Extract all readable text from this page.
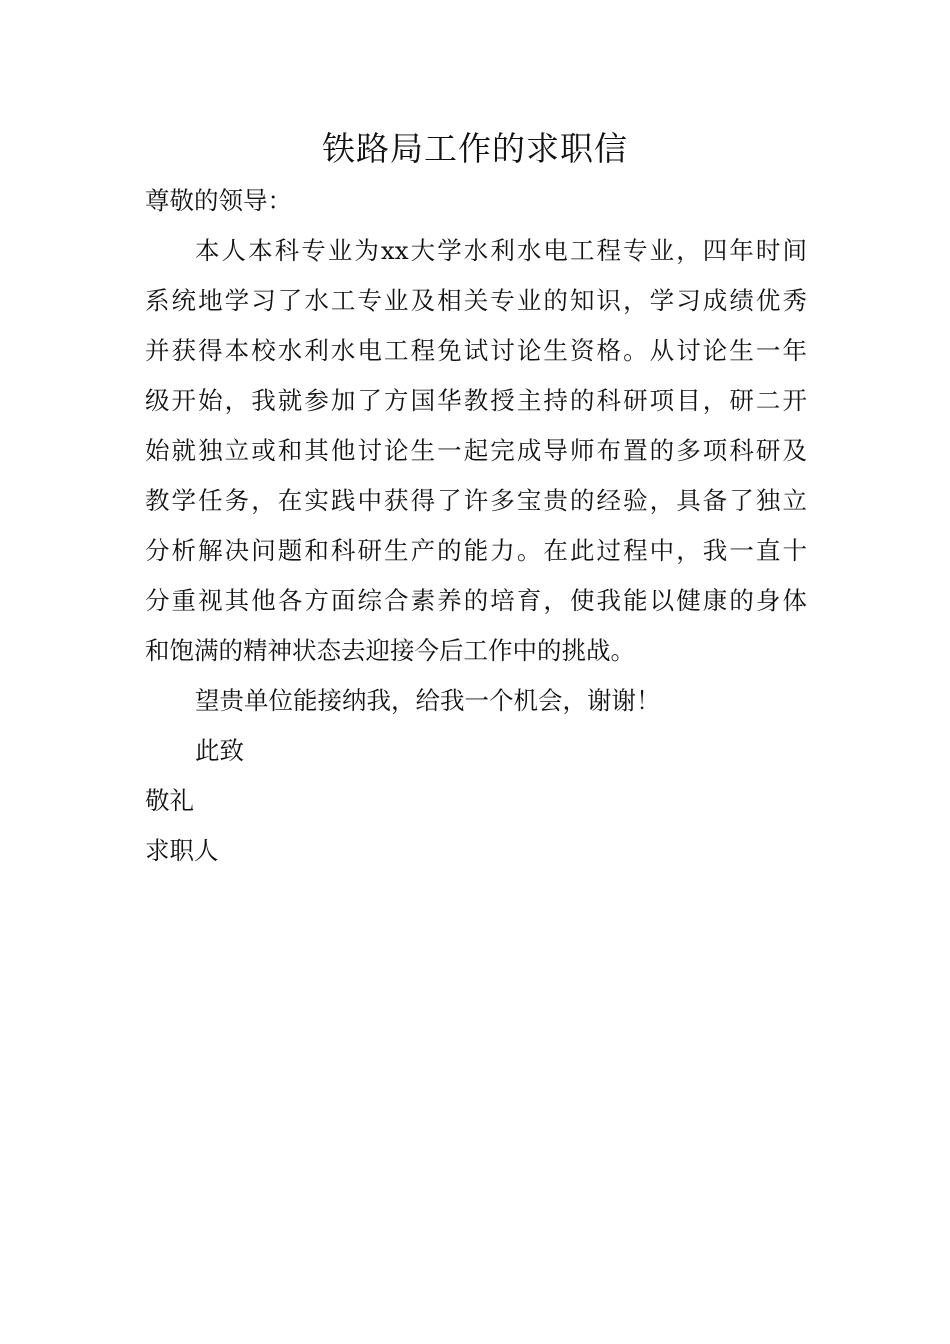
铁路局工作的求职信

尊敬的领导：

本人本科专业为xx大学水利水电工程专业，四年时间

系统地学习了水工专业及相关专业的知识，学习成绩优秀

并获得本校水利水电工程免试讨论生资格。从讨论生一年

级开始，我就参加了方国华教授主持的科研项目，研二开

始就独立或和其他讨论生一起完成导师布置的多项科研及

教学任务，在实践中获得了许多宝贵的经验，具备了独立

分析解决问题和科研生产的能力。在此过程中，我一直十

分重视其他各方面综合素养的培育，使我能以健康的身体

和饱满的精神状态去迎接今后工作中的挑战。

望贵单位能接纳我，给我一个机会，谢谢！

此致

敬礼

求职人
